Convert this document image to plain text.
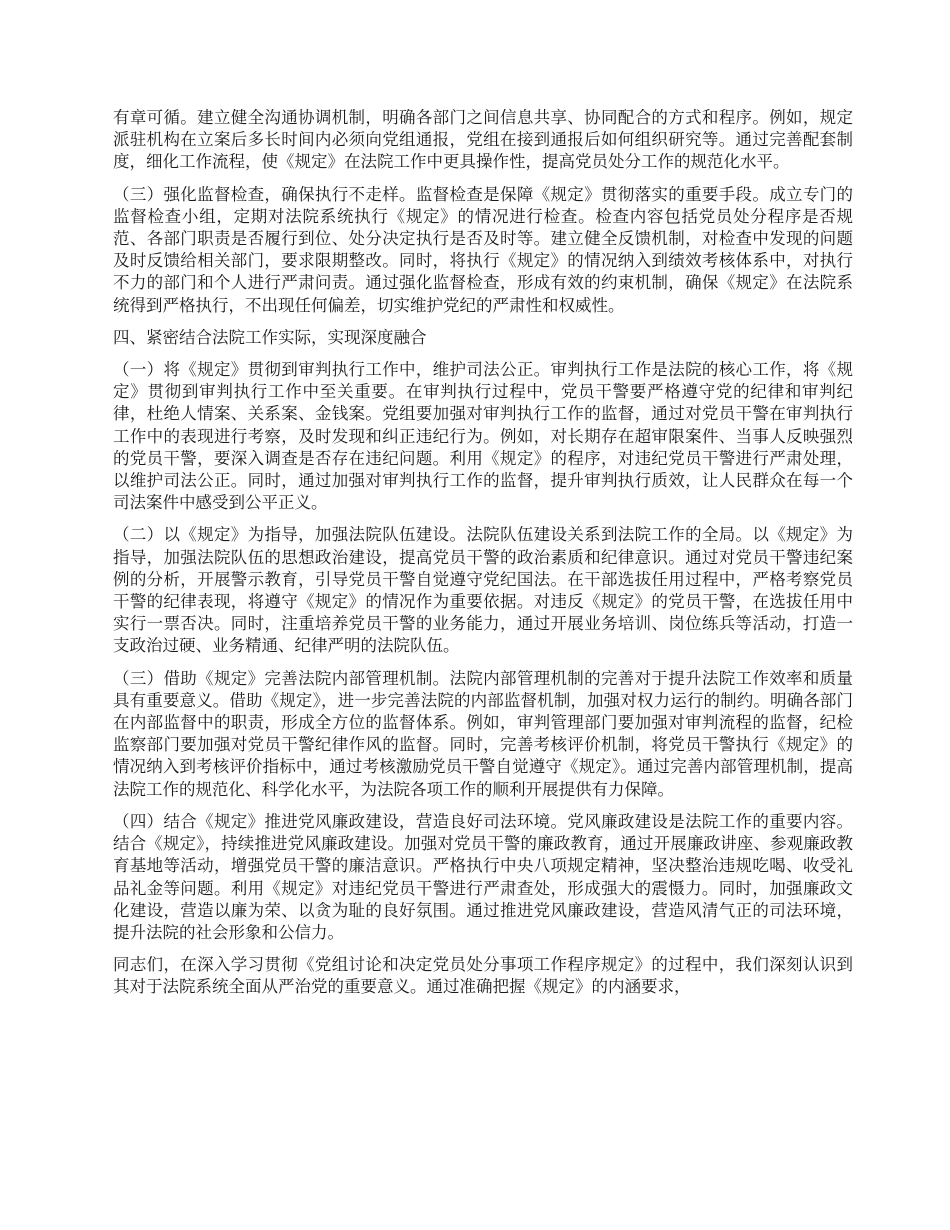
有章可循。建立健全沟通协调机制，明确各部门之间信息共享、协同配合的方式和程序。例如，规定派驻机构在立案后多长时间内必须向党组通报，党组在接到通报后如何组织研究等。通过完善配套制度，细化工作流程，使《规定》在法院工作中更具操作性，提高党员处分工作的规范化水平。

（三）强化监督检查，确保执行不走样。监督检查是保障《规定》贯彻落实的重要手段。成立专门的监督检查小组，定期对法院系统执行《规定》的情况进行检查。检查内容包括党员处分程序是否规范、各部门职责是否履行到位、处分决定执行是否及时等。建立健全反馈机制，对检查中发现的问题及时反馈给相关部门，要求限期整改。同时，将执行《规定》的情况纳入到绩效考核体系中，对执行不力的部门和个人进行严肃问责。通过强化监督检查，形成有效的约束机制，确保《规定》在法院系统得到严格执行，不出现任何偏差，切实维护党纪的严肃性和权威性。

四、紧密结合法院工作实际，实现深度融合

（一）将《规定》贯彻到审判执行工作中，维护司法公正。审判执行工作是法院的核心工作，将《规定》贯彻到审判执行工作中至关重要。在审判执行过程中，党员干警要严格遵守党的纪律和审判纪律，杜绝人情案、关系案、金钱案。党组要加强对审判执行工作的监督，通过对党员干警在审判执行工作中的表现进行考察，及时发现和纠正违纪行为。例如，对长期存在超审限案件、当事人反映强烈的党员干警，要深入调查是否存在违纪问题。利用《规定》的程序，对违纪党员干警进行严肃处理，以维护司法公正。同时，通过加强对审判执行工作的监督，提升审判执行质效，让人民群众在每一个司法案件中感受到公平正义。

（二）以《规定》为指导，加强法院队伍建设。法院队伍建设关系到法院工作的全局。以《规定》为指导，加强法院队伍的思想政治建设，提高党员干警的政治素质和纪律意识。通过对党员干警违纪案例的分析，开展警示教育，引导党员干警自觉遵守党纪国法。在干部选拔任用过程中，严格考察党员干警的纪律表现，将遵守《规定》的情况作为重要依据。对违反《规定》的党员干警，在选拔任用中实行一票否决。同时，注重培养党员干警的业务能力，通过开展业务培训、岗位练兵等活动，打造一支政治过硬、业务精通、纪律严明的法院队伍。

（三）借助《规定》完善法院内部管理机制。法院内部管理机制的完善对于提升法院工作效率和质量具有重要意义。借助《规定》，进一步完善法院的内部监督机制，加强对权力运行的制约。明确各部门在内部监督中的职责，形成全方位的监督体系。例如，审判管理部门要加强对审判流程的监督，纪检监察部门要加强对党员干警纪律作风的监督。同时，完善考核评价机制，将党员干警执行《规定》的情况纳入到考核评价指标中，通过考核激励党员干警自觉遵守《规定》。通过完善内部管理机制，提高法院工作的规范化、科学化水平，为法院各项工作的顺利开展提供有力保障。

（四）结合《规定》推进党风廉政建设，营造良好司法环境。党风廉政建设是法院工作的重要内容。结合《规定》，持续推进党风廉政建设。加强对党员干警的廉政教育，通过开展廉政讲座、参观廉政教育基地等活动，增强党员干警的廉洁意识。严格执行中央八项规定精神，坚决整治违规吃喝、收受礼品礼金等问题。利用《规定》对违纪党员干警进行严肃查处，形成强大的震慑力。同时，加强廉政文化建设，营造以廉为荣、以贪为耻的良好氛围。通过推进党风廉政建设，营造风清气正的司法环境，提升法院的社会形象和公信力。

同志们，在深入学习贯彻《党组讨论和决定党员处分事项工作程序规定》的过程中，我们深刻认识到其对于法院系统全面从严治党的重要意义。通过准确把握《规定》的内涵要求，
